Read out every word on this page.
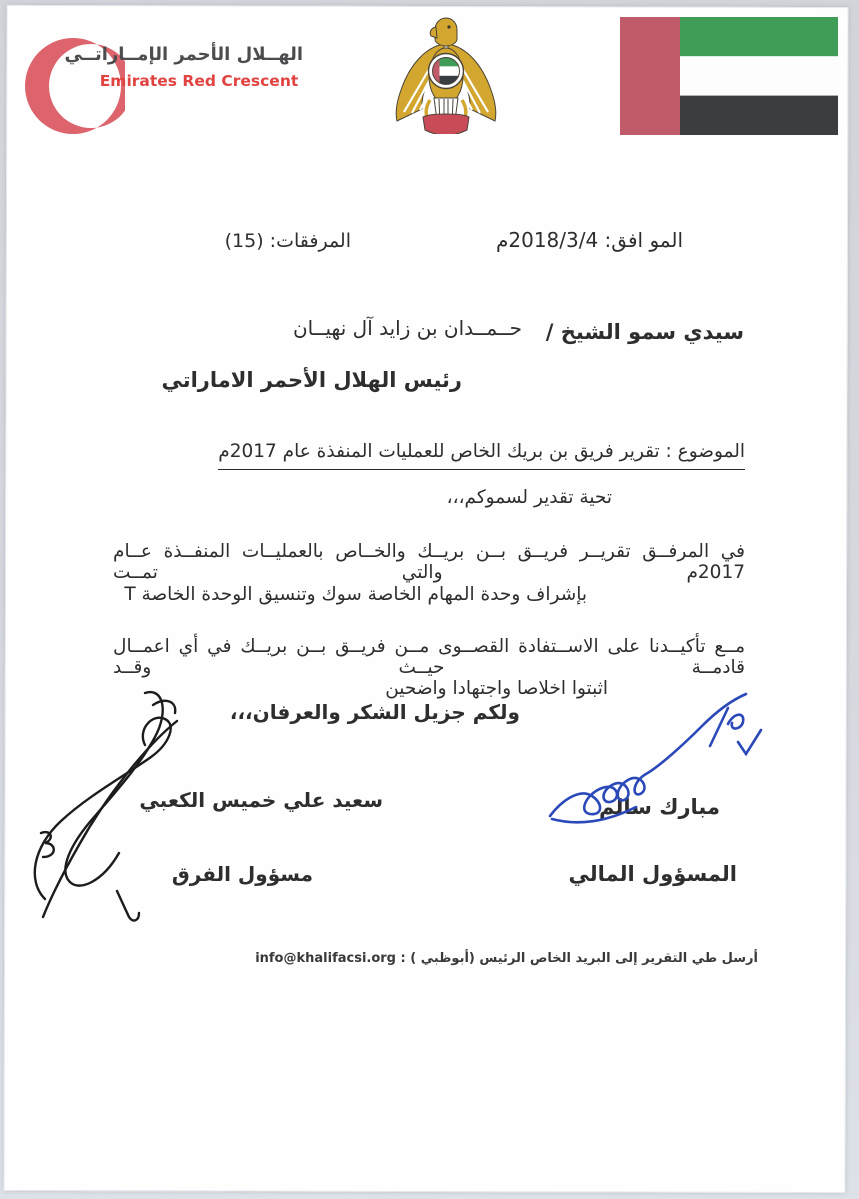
الهــلال الأحمر الإمــاراتــي
Emirates Red Crescent
المو افق: 2018/3/4م
المرفقات: (15)
سيدي سمو الشيخ /
حــمــدان بن زايد آل نهيــان
رئيس الهلال الأحمر الاماراتي
الموضوع : تقرير فريق بن بريك الخاص للعمليات المنفذة عام 2017م
تحية تقدير لسموكم،،،
في المرفــق تقريــر فريــق بــن بريــك والخــاص بالعمليــات المنفــذة عــام 2017م والتي تمــت
بإشراف وحدة المهام الخاصة سوك وتنسيق الوحدة الخاصة T
مــع تأكيــدنا على الاســتفادة القصــوى مــن فريــق بــن بريــك في أي اعمــال قادمــة حيــث وقــد
اثبتوا اخلاصا واجتهادا واضحين
ولكم جزيل الشكر والعرفان،،،
مبارك سالم
المسؤول المالي
سعيد علي خميس الكعبي
مسؤول الفرق
أرسل طي التقرير إلى البريد الخاص الرئيس (أبوظبي ) : info@khalifacsi.org
